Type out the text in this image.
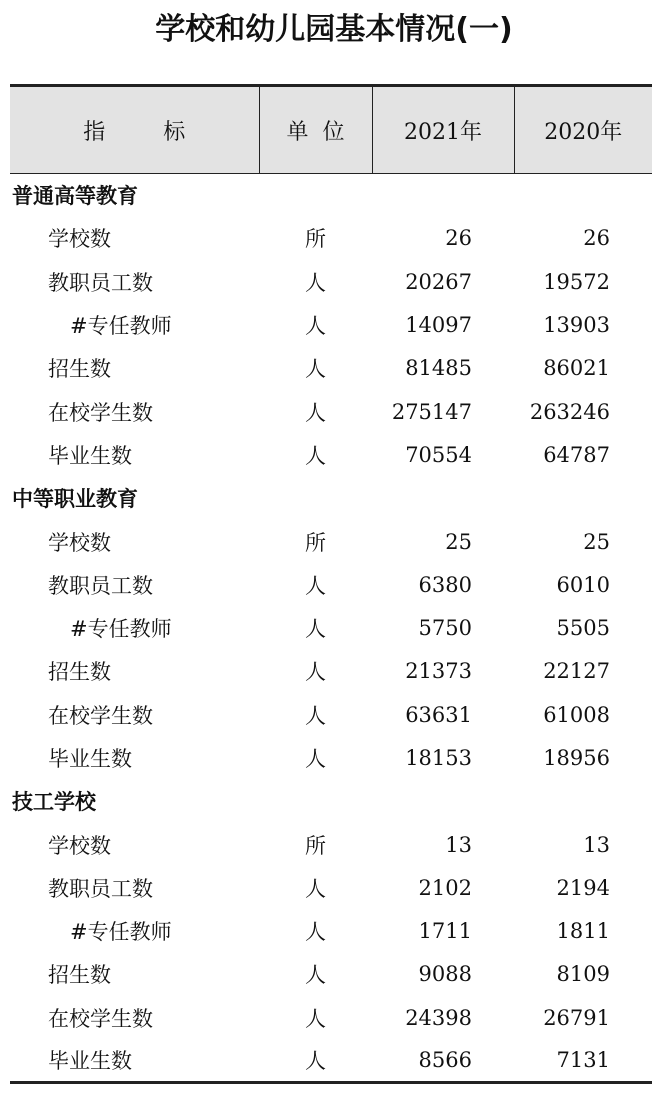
学校和幼儿园基本情况(一)
指标	单位	2021年	2020年
普通高等教育			
学校数	所	26	26
教职员工数	人	20267	19572
#专任教师	人	14097	13903
招生数	人	81485	86021
在校学生数	人	275147	263246
毕业生数	人	70554	64787
中等职业教育			
学校数	所	25	25
教职员工数	人	6380	6010
#专任教师	人	5750	5505
招生数	人	21373	22127
在校学生数	人	63631	61008
毕业生数	人	18153	18956
技工学校			
学校数	所	13	13
教职员工数	人	2102	2194
#专任教师	人	1711	1811
招生数	人	9088	8109
在校学生数	人	24398	26791
毕业生数	人	8566	7131
